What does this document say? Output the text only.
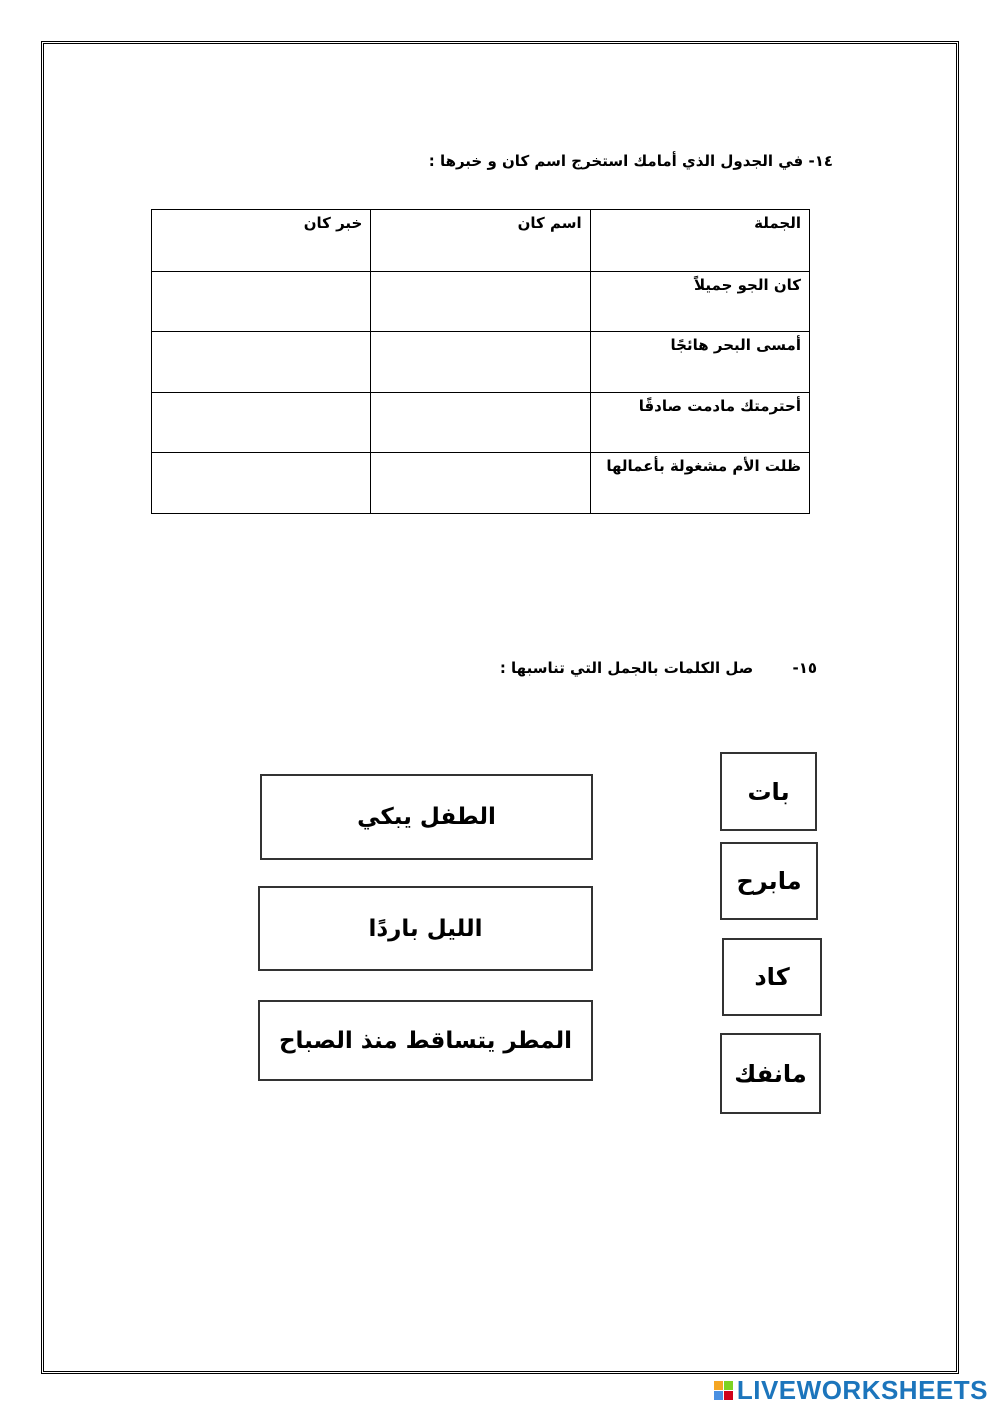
١٤- في الجدول الذي أمامك استخرج اسم كان و خبرها :
الجملة	اسم كان	خبر كان
كان الجو جميلاً		
أمسى البحر هائجًا		
أحترمتك مادمت صادقًا		
ظلت الأم مشغولة بأعمالها		
١٥- صل الكلمات بالجمل التي تناسبها :
الطفل يبكي
الليل باردًا
المطر يتساقط منذ الصباح
بات
مابرح
كاد
مانفك
LIVEWORKSHEETS
